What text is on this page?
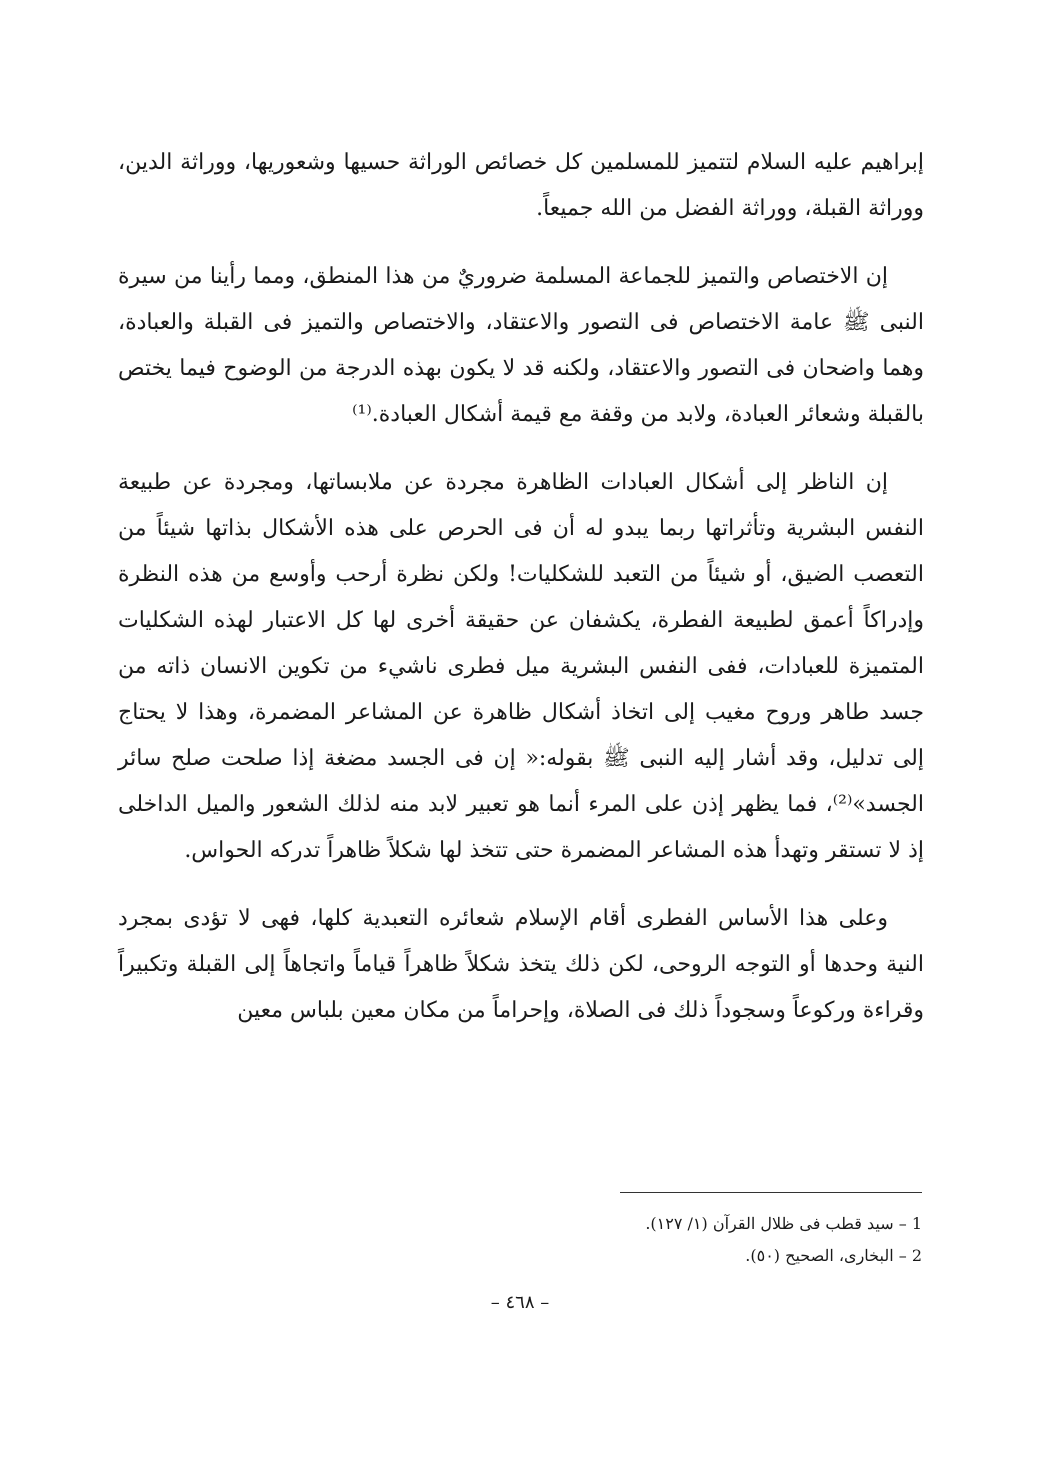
إبراهيم عليه السلام لتتميز للمسلمين كل خصائص الوراثة حسيها وشعوريها، ووراثة الدين، ووراثة القبلة، ووراثة الفضل من الله جميعاً.

إن الاختصاص والتميز للجماعة المسلمة ضروريٌ من هذا المنطق، ومما رأينا من سيرة النبى ﷺ عامة الاختصاص فى التصور والاعتقاد، والاختصاص والتميز فى القبلة والعبادة، وهما واضحان فى التصور والاعتقاد، ولكنه قد لا يكون بهذه الدرجة من الوضوح فيما يختص بالقبلة وشعائر العبادة، ولابد من وقفة مع قيمة أشكال العبادة.⁽¹⁾

إن الناظر إلى أشكال العبادات الظاهرة مجردة عن ملابساتها، ومجردة عن طبيعة النفس البشرية وتأثراتها ربما يبدو له أن فى الحرص على هذه الأشكال بذاتها شيئاً من التعصب الضيق، أو شيئاً من التعبد للشكليات! ولكن نظرة أرحب وأوسع من هذه النظرة وإدراكاً أعمق لطبيعة الفطرة، يكشفان عن حقيقة أخرى لها كل الاعتبار لهذه الشكليات المتميزة للعبادات، ففى النفس البشرية ميل فطرى ناشيء من تكوين الانسان ذاته من جسد طاهر وروح مغيب إلى اتخاذ أشكال ظاهرة عن المشاعر المضمرة، وهذا لا يحتاج إلى تدليل، وقد أشار إليه النبى ﷺ بقوله:« إن فى الجسد مضغة إذا صلحت صلح سائر الجسد»⁽²⁾، فما يظهر إذن على المرء أنما هو تعبير لابد منه لذلك الشعور والميل الداخلى إذ لا تستقر وتهدأ هذه المشاعر المضمرة حتى تتخذ لها شكلاً ظاهراً تدركه الحواس.

وعلى هذا الأساس الفطرى أقام الإسلام شعائره التعبدية كلها، فهى لا تؤدى بمجرد النية وحدها أو التوجه الروحى، لكن ذلك يتخذ شكلاً ظاهراً قياماً واتجاهاً إلى القبلة وتكبيراً وقراءة وركوعاً وسجوداً ذلك فى الصلاة، وإحراماً من مكان معين بلباس معين

1 – سيد قطب فى ظلال القرآن (١/ ١٢٧).

2 – البخارى، الصحيح (٥٠).

– ٤٦٨ –
